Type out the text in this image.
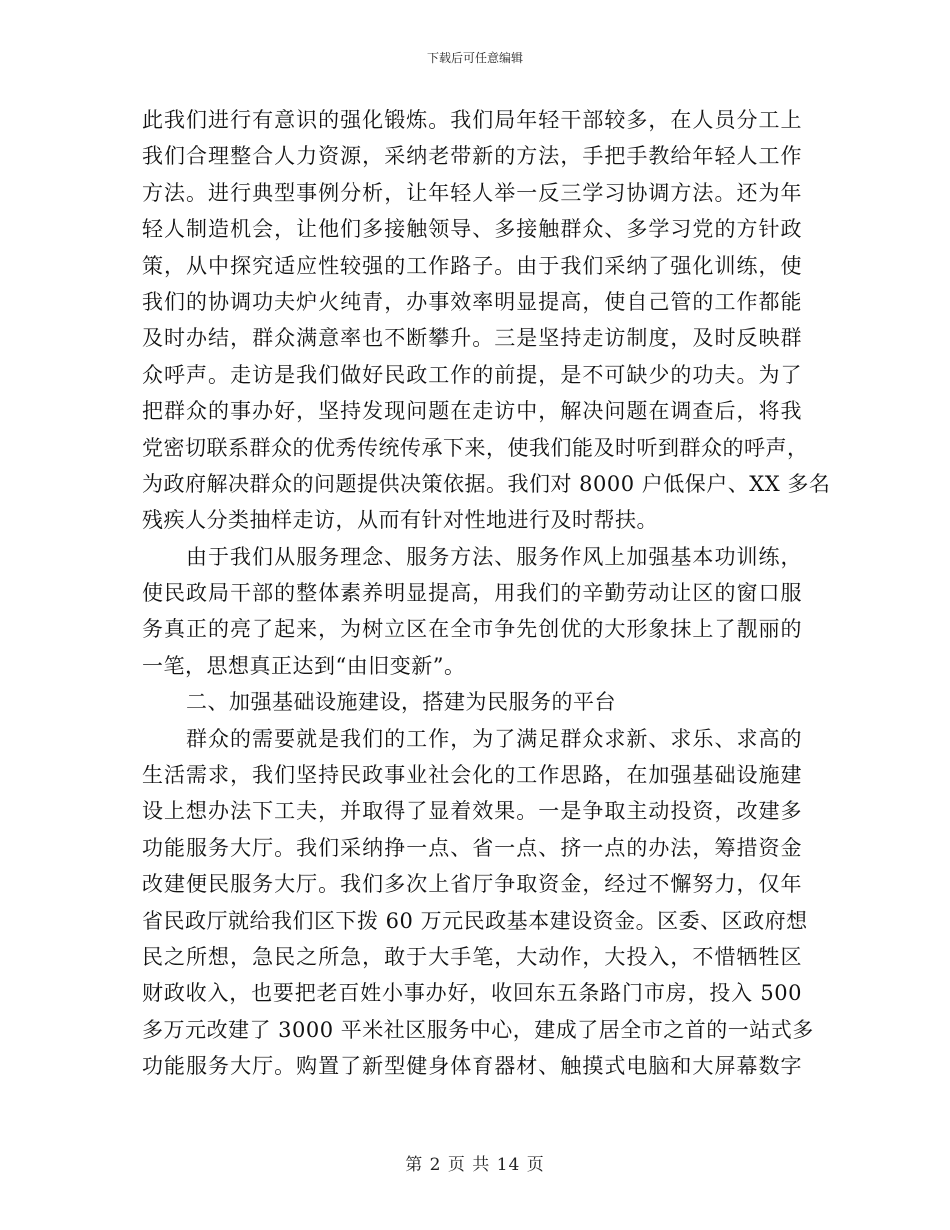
下载后可任意编辑
此我们进行有意识的强化锻炼。我们局年轻干部较多，在人员分工上
我们合理整合人力资源，采纳老带新的方法，手把手教给年轻人工作
方法。进行典型事例分析，让年轻人举一反三学习协调方法。还为年
轻人制造机会，让他们多接触领导、多接触群众、多学习党的方针政
策，从中探究适应性较强的工作路子。由于我们采纳了强化训练，使
我们的协调功夫炉火纯青，办事效率明显提高，使自己管的工作都能
及时办结，群众满意率也不断攀升。三是坚持走访制度，及时反映群
众呼声。走访是我们做好民政工作的前提，是不可缺少的功夫。为了
把群众的事办好，坚持发现问题在走访中，解决问题在调查后，将我
党密切联系群众的优秀传统传承下来，使我们能及时听到群众的呼声，
为政府解决群众的问题提供决策依据。我们对 8000 户低保户、XX 多名
残疾人分类抽样走访，从而有针对性地进行及时帮扶。
由于我们从服务理念、服务方法、服务作风上加强基本功训练，
使民政局干部的整体素养明显提高，用我们的辛勤劳动让区的窗口服
务真正的亮了起来，为树立区在全市争先创优的大形象抹上了靓丽的
一笔，思想真正达到“由旧变新”。
二、加强基础设施建设，搭建为民服务的平台
群众的需要就是我们的工作，为了满足群众求新、求乐、求高的
生活需求，我们坚持民政事业社会化的工作思路，在加强基础设施建
设上想办法下工夫，并取得了显着效果。一是争取主动投资，改建多
功能服务大厅。我们采纳挣一点、省一点、挤一点的办法，筹措资金
改建便民服务大厅。我们多次上省厅争取资金，经过不懈努力，仅年
省民政厅就给我们区下拨 60 万元民政基本建设资金。区委、区政府想
民之所想，急民之所急，敢于大手笔，大动作，大投入，不惜牺牲区
财政收入，也要把老百姓小事办好，收回东五条路门市房，投入 500
多万元改建了 3000 平米社区服务中心，建成了居全市之首的一站式多
功能服务大厅。购置了新型健身体育器材、触摸式电脑和大屏幕数字
第 2 页 共 14 页
